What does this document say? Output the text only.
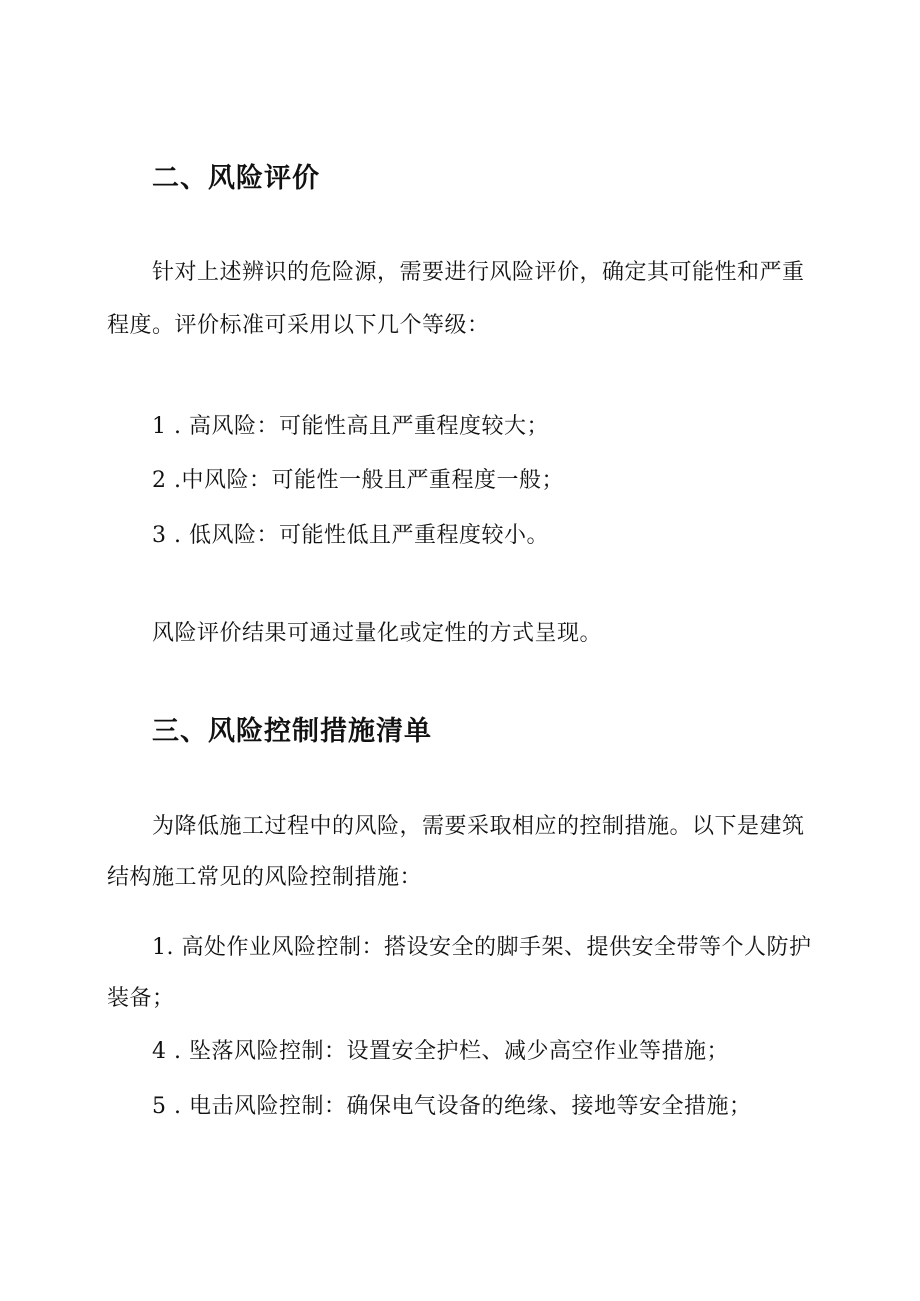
二、风险评价
针对上述辨识的危险源，需要进行风险评价，确定其可能性和严重
程度。评价标准可采用以下几个等级：
1 . 高风险：可能性高且严重程度较大；
2 .中风险：可能性一般且严重程度一般；
3 . 低风险：可能性低且严重程度较小。
风险评价结果可通过量化或定性的方式呈现。
三、风险控制措施清单
为降低施工过程中的风险，需要采取相应的控制措施。以下是建筑
结构施工常见的风险控制措施：
1. 高处作业风险控制：搭设安全的脚手架、提供安全带等个人防护
装备；
4 . 坠落风险控制：设置安全护栏、减少高空作业等措施；
5 . 电击风险控制：确保电气设备的绝缘、接地等安全措施；
